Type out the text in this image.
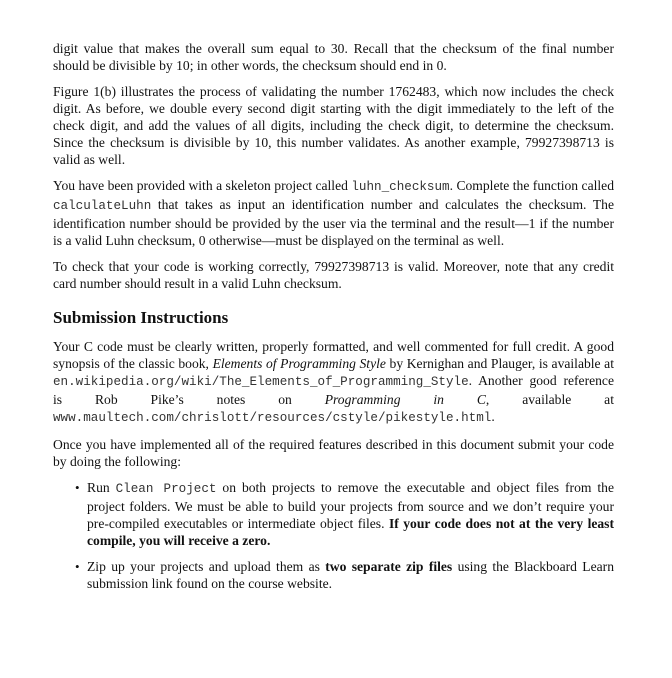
digit value that makes the overall sum equal to 30. Recall that the checksum of the final number should be divisible by 10; in other words, the checksum should end in 0.

Figure 1(b) illustrates the process of validating the number 1762483, which now includes the check digit. As before, we double every second digit starting with the digit immediately to the left of the check digit, and add the values of all digits, including the check digit, to determine the checksum. Since the checksum is divisible by 10, this number validates. As another example, 79927398713 is valid as well.

You have been provided with a skeleton project called luhn_checksum. Complete the function called calculateLuhn that takes as input an identification number and calculates the checksum. The identification number should be provided by the user via the terminal and the result—1 if the number is a valid Luhn checksum, 0 otherwise—must be displayed on the terminal as well.

To check that your code is working correctly, 79927398713 is valid. Moreover, note that any credit card number should result in a valid Luhn checksum.

Submission Instructions

Your C code must be clearly written, properly formatted, and well commented for full credit. A good synopsis of the classic book, Elements of Programming Style by Kernighan and Plauger, is available at en.wikipedia.org/wiki/The_Elements_of_Programming_Style. Another good reference is Rob Pike’s notes on Programming in C, available at www.maultech.com/chrislott/resources/cstyle/pikestyle.html.

Once you have implemented all of the required features described in this document submit your code by doing the following:

• Run Clean Project on both projects to remove the executable and object files from the project folders. We must be able to build your projects from source and we don’t require your pre-compiled executables or intermediate object files. If your code does not at the very least compile, you will receive a zero.
• Zip up your projects and upload them as two separate zip files using the Blackboard Learn submission link found on the course website.
